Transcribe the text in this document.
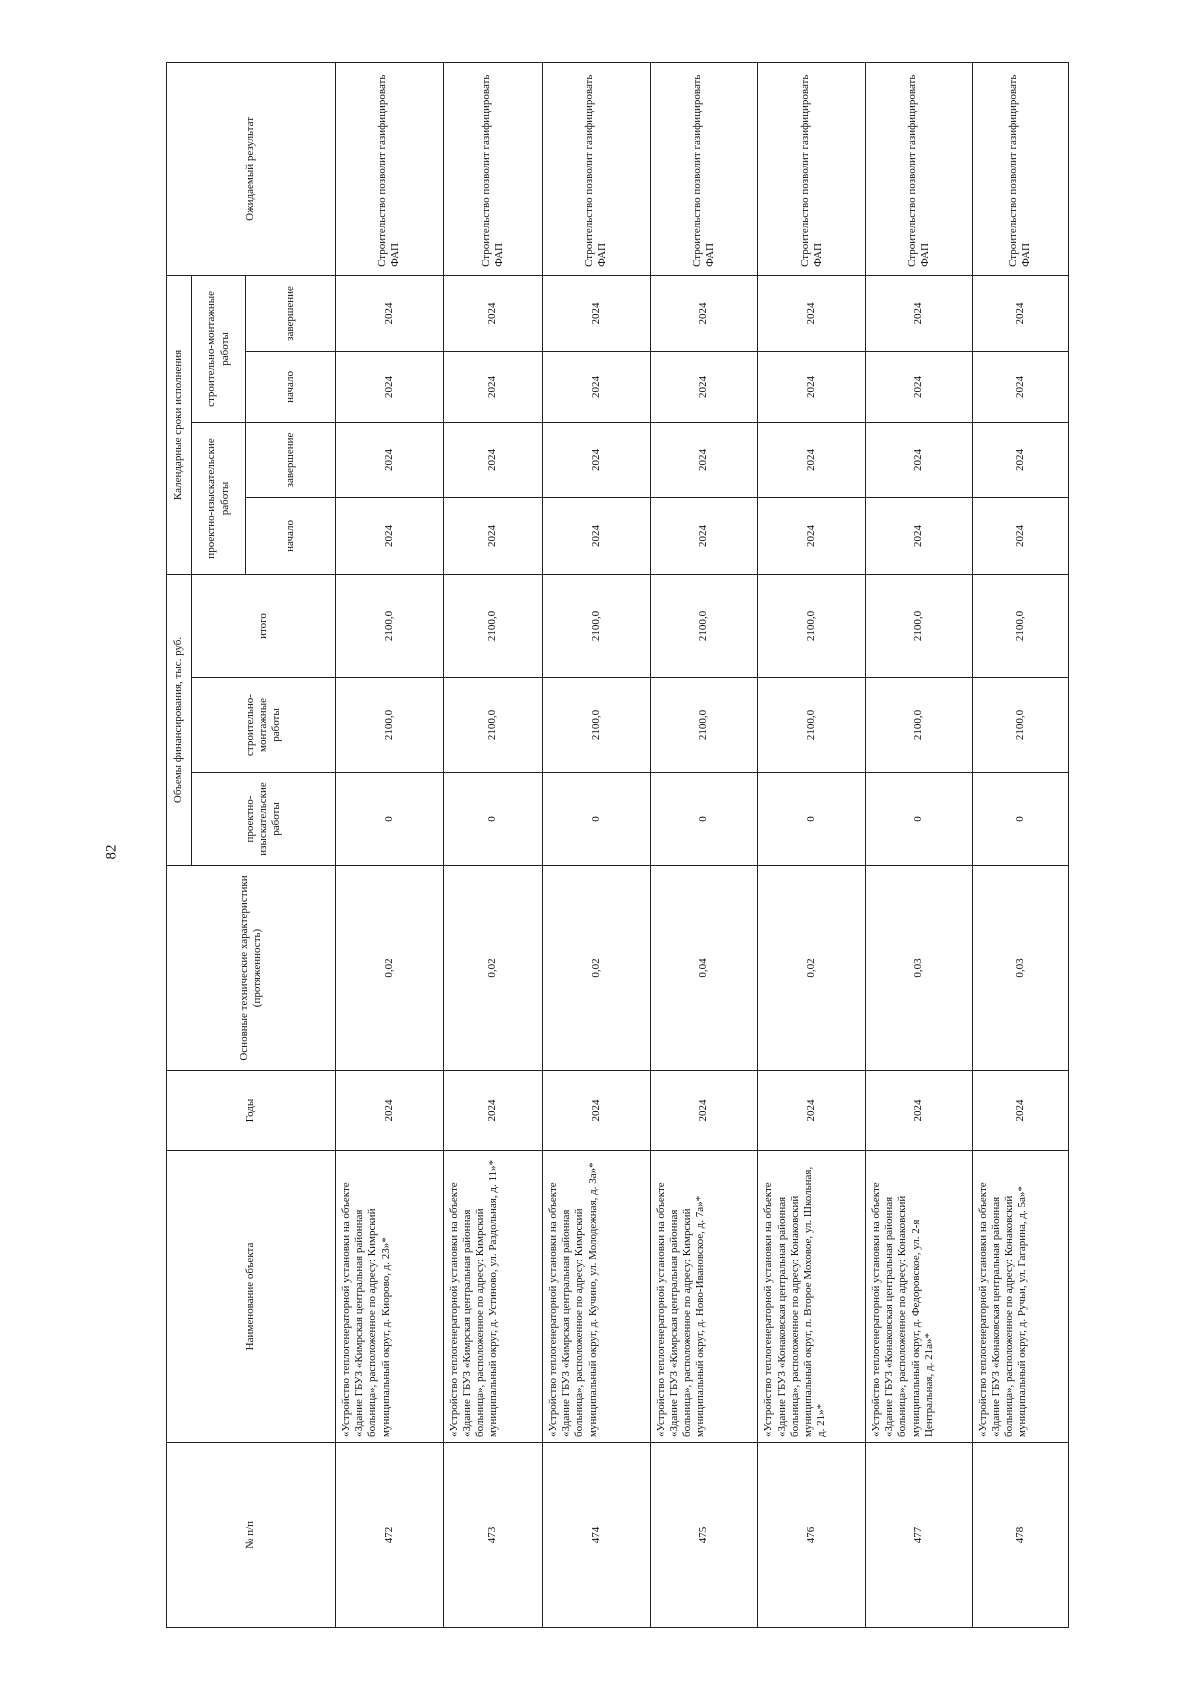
82
№ п/п	Наименование объекта	Годы	Основные технические характеристики (протяженность)	Объемы финансирования, тыс. руб.			Календарные сроки исполнения				Ожидаемый результат
				проектно-изыскательские работы	строительно-монтажные работы	итого	проектно-изыскательские работы		строительно-монтажные работы		
							начало	завершение	начало	завершение	
472	«Устройство теплогенераторной установки на объекте «Здание ГБУЗ «Кимрская центральная районная больница», расположенное по адресу: Кимрский муниципальный округ, д. Киорово, д. 23»*	2024	0,02	0	2100,0	2100,0	2024	2024	2024	2024	Строительство позволит газифицировать ФАП
473	«Устройство теплогенераторной установки на объекте «Здание ГБУЗ «Кимрская центральная районная больница», расположенное по адресу: Кимрский муниципальный округ, д. Устиново, ул. Раздольная, д. 11»*	2024	0,02	0	2100,0	2100,0	2024	2024	2024	2024	Строительство позволит газифицировать ФАП
474	«Устройство теплогенераторной установки на объекте «Здание ГБУЗ «Кимрская центральная районная больница», расположенное по адресу: Кимрский муниципальный округ, д. Кучино, ул. Молодежная, д. 3а»*	2024	0,02	0	2100,0	2100,0	2024	2024	2024	2024	Строительство позволит газифицировать ФАП
475	«Устройство теплогенераторной установки на объекте «Здание ГБУЗ «Кимрская центральная районная больница», расположенное по адресу: Кимрский муниципальный округ, д. Ново-Ивановское, д. 7а»*	2024	0,04	0	2100,0	2100,0	2024	2024	2024	2024	Строительство позволит газифицировать ФАП
476	«Устройство теплогенераторной установки на объекте «Здание ГБУЗ «Конаковская центральная районная больница», расположенное по адресу: Конаковский муниципальный округ, п. Второе Моховое, ул. Школьная, д. 21»*	2024	0,02	0	2100,0	2100,0	2024	2024	2024	2024	Строительство позволит газифицировать ФАП
477	«Устройство теплогенераторной установки на объекте «Здание ГБУЗ «Конаковская центральная районная больница», расположенное по адресу: Конаковский муниципальный округ, д. Федоровское, ул. 2-я Центральная, д. 21а»*	2024	0,03	0	2100,0	2100,0	2024	2024	2024	2024	Строительство позволит газифицировать ФАП
478	«Устройство теплогенераторной установки на объекте «Здание ГБУЗ «Конаковская центральная районная больница», расположенное по адресу: Конаковский муниципальный округ, д. Ручьи, ул. Гагарина, д. 5а»*	2024	0,03	0	2100,0	2100,0	2024	2024	2024	2024	Строительство позволит газифицировать ФАП
